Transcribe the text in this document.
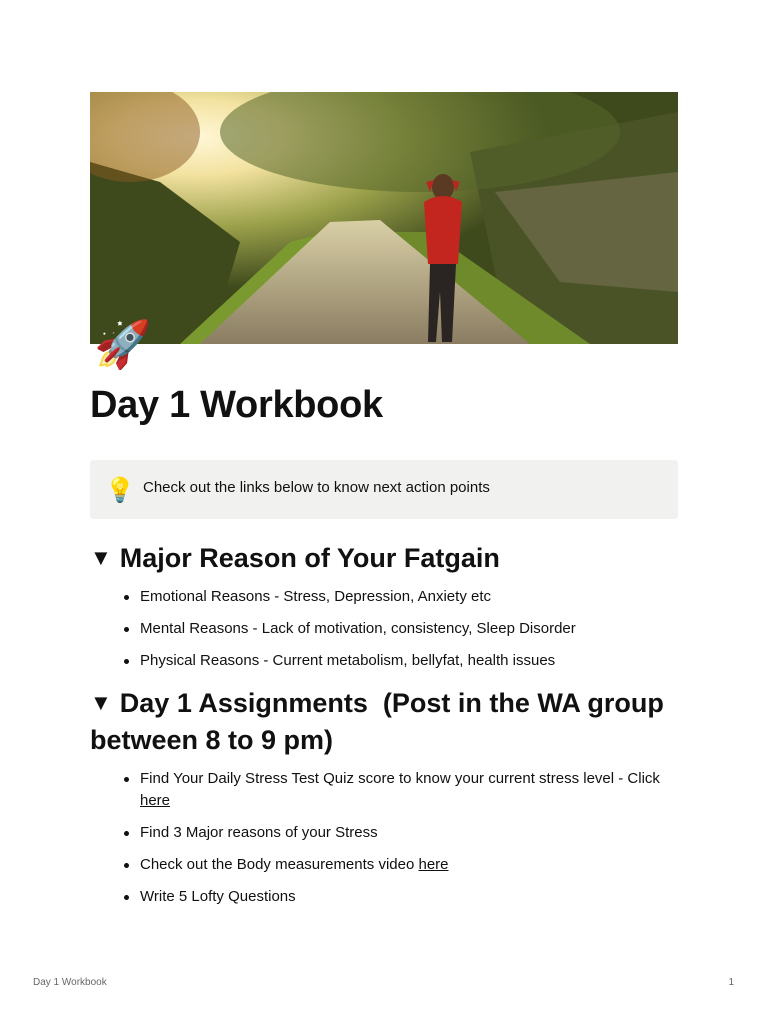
🚀
Day 1 Workbook
💡 Check out the links below to know next action points
▼ Major Reason of Your Fatgain
Emotional Reasons - Stress, Depression, Anxiety etc
Mental Reasons - Lack of motivation, consistency, Sleep Disorder
Physical Reasons - Current metabolism, bellyfat, health issues
▼ Day 1 Assignments  (Post in the WA group between 8 to 9 pm)
Find Your Daily Stress Test Quiz score to know your current stress level - Click here
Find 3 Major reasons of your Stress
Check out the Body measurements video here
Write 5 Lofty Questions
Day 1 Workbook	1
